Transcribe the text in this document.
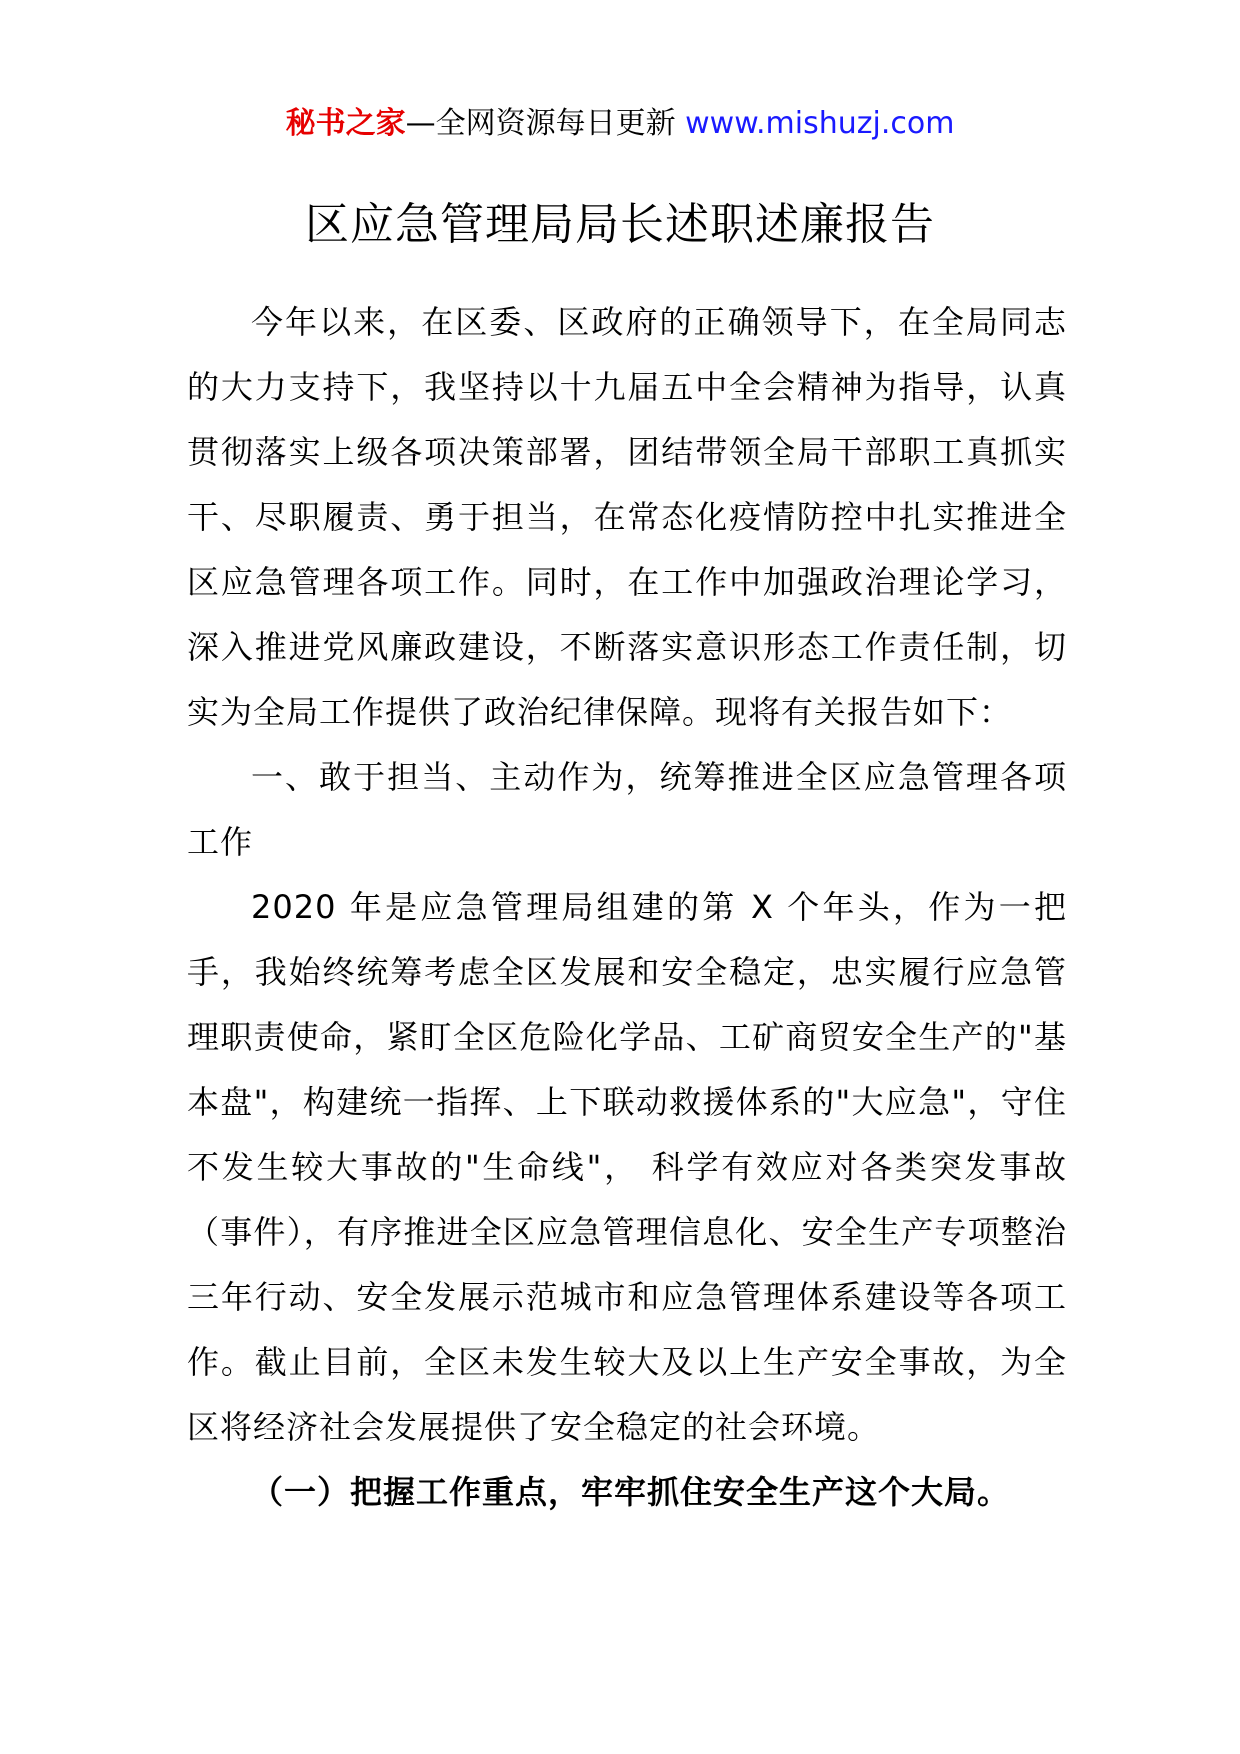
秘书之家—全网资源每日更新 www.mishuzj.com
区应急管理局局长述职述廉报告

今年以来，在区委、区政府的正确领导下，在全局同志的大力支持下，我坚持以十九届五中全会精神为指导，认真贯彻落实上级各项决策部署，团结带领全局干部职工真抓实干、尽职履责、勇于担当，在常态化疫情防控中扎实推进全区应急管理各项工作。同时，在工作中加强政治理论学习，深入推进党风廉政建设，不断落实意识形态工作责任制，切实为全局工作提供了政治纪律保障。现将有关报告如下：

一、敢于担当、主动作为，统筹推进全区应急管理各项工作

2020 年是应急管理局组建的第 X 个年头，作为一把手，我始终统筹考虑全区发展和安全稳定，忠实履行应急管理职责使命，紧盯全区危险化学品、工矿商贸安全生产的"基本盘"，构建统一指挥、上下联动救援体系的"大应急"，守住不发生较大事故的"生命线"， 科学有效应对各类突发事故（事件），有序推进全区应急管理信息化、安全生产专项整治三年行动、安全发展示范城市和应急管理体系建设等各项工作。截止目前，全区未发生较大及以上生产安全事故，为全区将经济社会发展提供了安全稳定的社会环境。

（一）把握工作重点，牢牢抓住安全生产这个大局。
